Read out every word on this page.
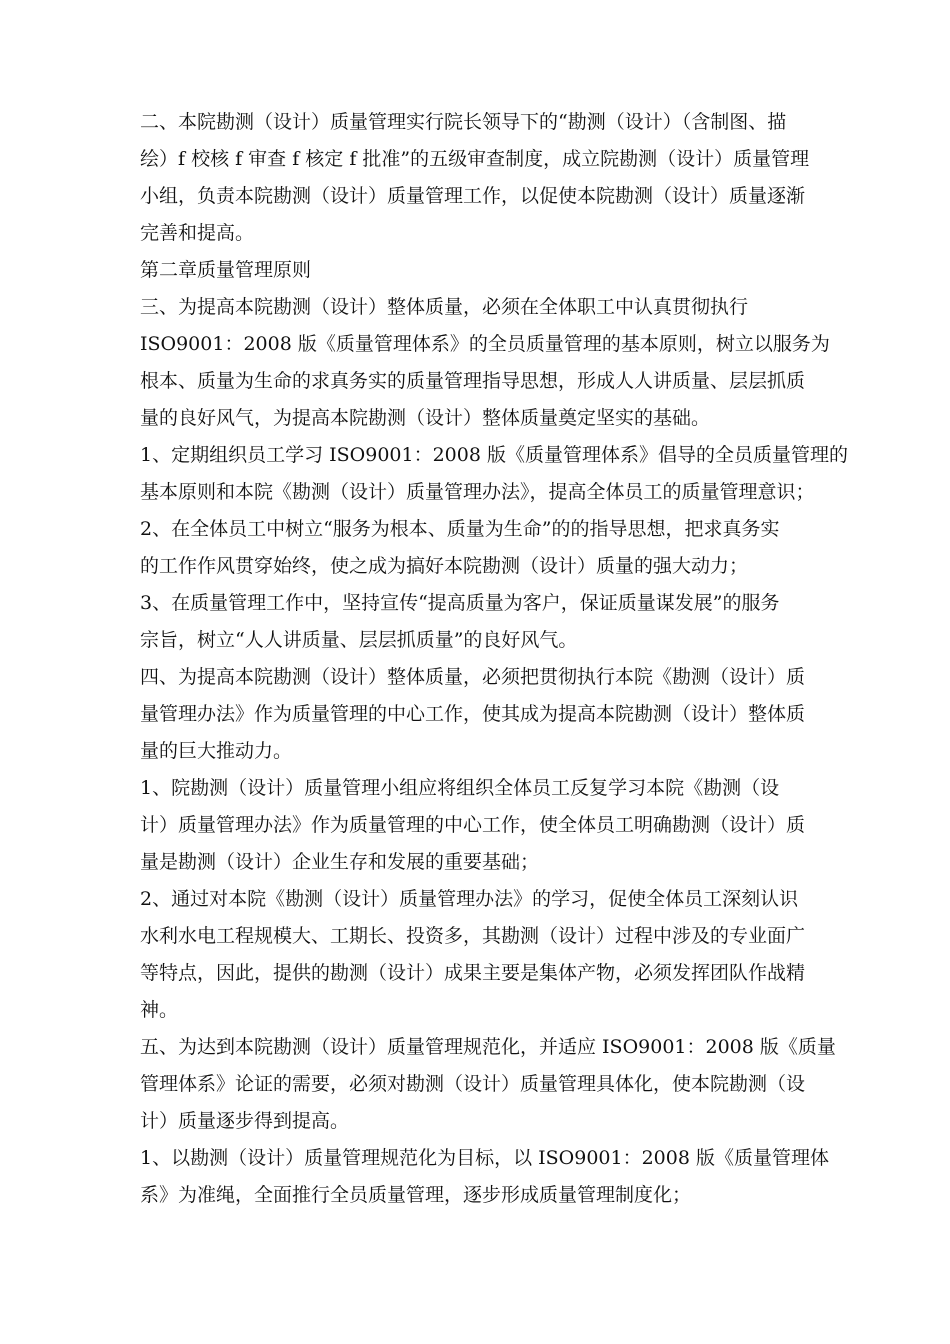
二、本院勘测（设计）质量管理实行院长领导下的“勘测（设计）（含制图、描
绘）f 校核 f 审查 f 核定 f 批准”的五级审查制度，成立院勘测（设计）质量管理
小组，负责本院勘测（设计）质量管理工作，以促使本院勘测（设计）质量逐渐
完善和提高。
第二章质量管理原则
三、为提高本院勘测（设计）整体质量，必须在全体职工中认真贯彻执行
ISO9001：2008 版《质量管理体系》的全员质量管理的基本原则，树立以服务为
根本、质量为生命的求真务实的质量管理指导思想，形成人人讲质量、层层抓质
量的良好风气，为提高本院勘测（设计）整体质量奠定坚实的基础。
1、定期组织员工学习 ISO9001：2008 版《质量管理体系》倡导的全员质量管理的
基本原则和本院《勘测（设计）质量管理办法》，提高全体员工的质量管理意识；
2、在全体员工中树立“服务为根本、质量为生命”的的指导思想，把求真务实
的工作作风贯穿始终，使之成为搞好本院勘测（设计）质量的强大动力；
3、在质量管理工作中，坚持宣传“提高质量为客户，保证质量谋发展”的服务
宗旨，树立“人人讲质量、层层抓质量”的良好风气。
四、为提高本院勘测（设计）整体质量，必须把贯彻执行本院《勘测（设计）质
量管理办法》作为质量管理的中心工作，使其成为提高本院勘测（设计）整体质
量的巨大推动力。
1、院勘测（设计）质量管理小组应将组织全体员工反复学习本院《勘测（设
计）质量管理办法》作为质量管理的中心工作，使全体员工明确勘测（设计）质
量是勘测（设计）企业生存和发展的重要基础；
2、通过对本院《勘测（设计）质量管理办法》的学习，促使全体员工深刻认识
水利水电工程规模大、工期长、投资多，其勘测（设计）过程中涉及的专业面广
等特点，因此，提供的勘测（设计）成果主要是集体产物，必须发挥团队作战精
神。
五、为达到本院勘测（设计）质量管理规范化，并适应 ISO9001：2008 版《质量
管理体系》论证的需要，必须对勘测（设计）质量管理具体化，使本院勘测（设
计）质量逐步得到提高。
1、以勘测（设计）质量管理规范化为目标，以 ISO9001：2008 版《质量管理体
系》为准绳，全面推行全员质量管理，逐步形成质量管理制度化；
